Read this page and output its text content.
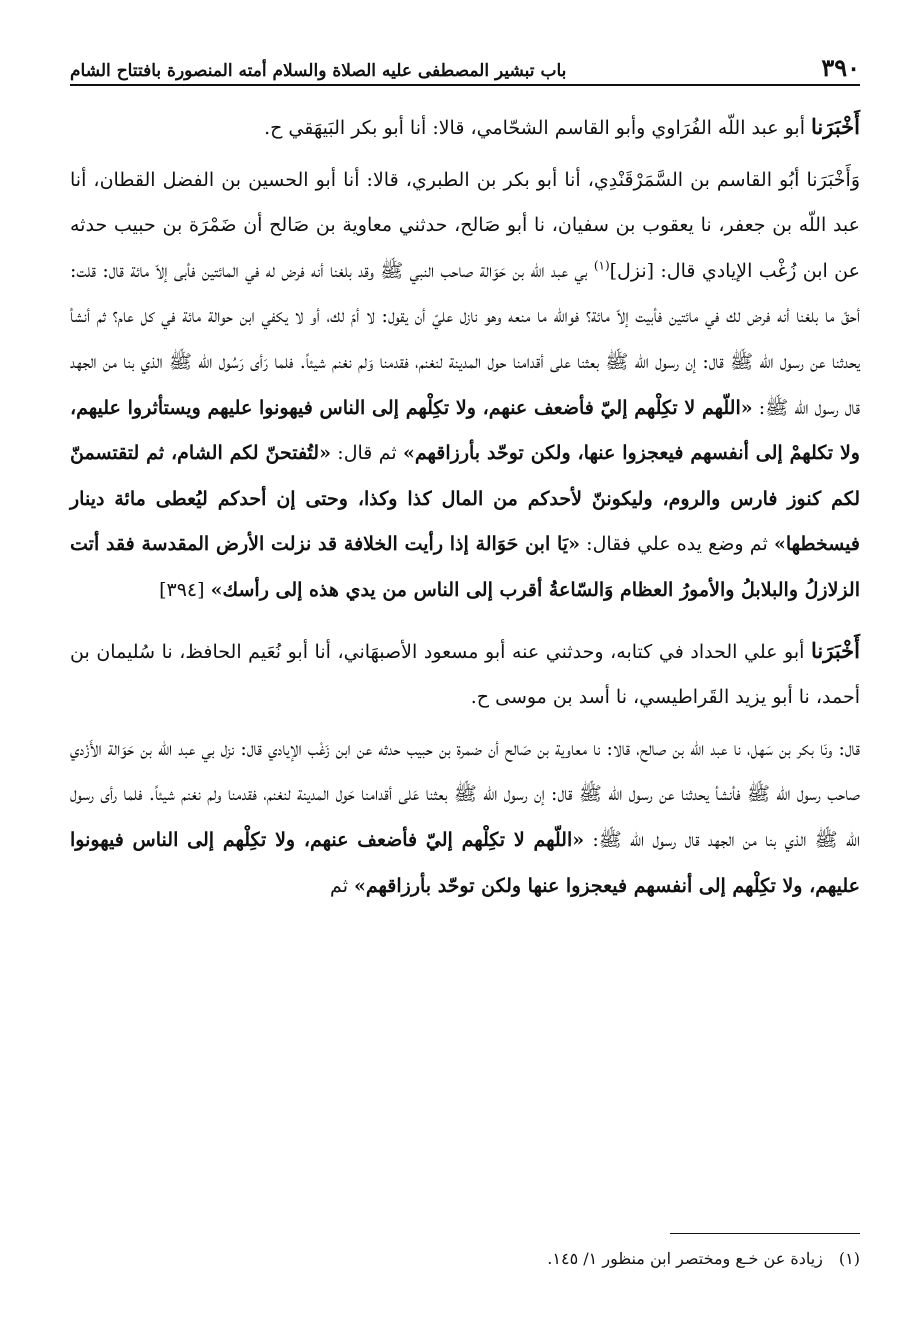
٣٩٠
باب تبشير المصطفى عليه الصلاة والسلام أمته المنصورة بافتتاح الشام

أَخْبَرَنا أبو عبد اللّه الفُرَاوي وأبو القاسم الشحّامي، قالا: أنا أبو بكر البَيهَقي ح.

وَأَخْبَرَنا أبُو القاسم بن السَّمَرْقَنْدِي، أنا أبو بكر بن الطبري، قالا: أنا أبو الحسين بن الفضل القطان، أنا عبد اللّه بن جعفر، نا يعقوب بن سفيان، نا أبو صَالح، حدثني معاوية بن صَالح أن ضَمْرَة بن حبيب حدثه عن ابن زُغْب الإيادي قال: [نزل]$^{(١)}$ بي عبد اللّه بن حَوَالة صاحب النبي ﷺ وقد بلغنا أنه فرض له في المائتين فأبى إلاّ مائة قال: قلت: أحقّ ما بلغنا أنه فرض لك في مائتين فأبيت إلاّ مائة؟ فوالله ما منعه وهو نازل عليّ أن يقول: لا أمّ لك، أو لا يكفي ابن حوالة مائة في كل عام؟ ثم أنشأ يحدثنا عن رسول الله ﷺ قال: إن رسول الله ﷺ بعثنا على أقدامنا حول المدينة لنغنم، فقدمنا وَلم نغنم شيئاً. فلما رَأى رَسُول الله ﷺ الذي بنا من الجهد قال رسول الله ﷺ: «اللّهم لا تكِلْهم إليّ فأضعف عنهم، ولا تكِلْهم إلى الناس فيهونوا عليهم ويستأثروا عليهم، ولا تكلهمْ إلى أنفسهم فيعجزوا عنها، ولكن توحّد بأرزاقهم» ثم قال: «لتُفتحنّ لكم الشام، ثم لتقتسمنّ لكم كنوز فارس والروم، وليكوننّ لأحدكم من المال كذا وكذا، وحتى إن أحدكم ليُعطى مائة دينار فيسخطها» ثم وضع يده علي فقال: «يَا ابن حَوَالة إذا رأيت الخلافة قد نزلت الأرض المقدسة فقد أتت الزلازلُ والبلابلُ والأمورُ العظام وَالسّاعةُ أقرب إلى الناس من يدي هذه إلى رأسك» [٣٩٤]

أَخْبَرَنا أبو علي الحداد في كتابه، وحدثني عنه أبو مسعود الأصبهَاني، أنا أبو نُعَيم الحافظ، نا سُليمان بن أحمد، نا أبو يزيد القَراطيسي، نا أسد بن موسى ح.

قال: ونَا بكر بن سَهل، نا عبد اللّه بن صالح، قالا: نا معاوية بن صَالح أن ضمرة بن حبيب حدثه عن ابن زَغْب الإيادي قال: نزل بي عبد اللّه بن حَوَالة الأَزْدي صاحب رسول الله ﷺ فأنشأ يحدثنا عن رسول الله ﷺ قال: إن رسول الله ﷺ بعثنا عَلى أقدامنا حَول المدينة لنغنم، فقدمنا ولم نغنم شيئاً. فلما رأى رسول الله ﷺ الذي بنا من الجهد قال رسول الله ﷺ: «اللّهم لا تكِلْهم إليّ فأضعف عنهم، ولا تكِلْهم إلى الناس فيهونوا عليهم، ولا تكِلْهم إلى أنفسهم فيعجزوا عنها ولكن توحّد بأرزاقهم» ثم

(١)زيادة عن خـع ومختصر ابن منظور ١/ ١٤٥.
